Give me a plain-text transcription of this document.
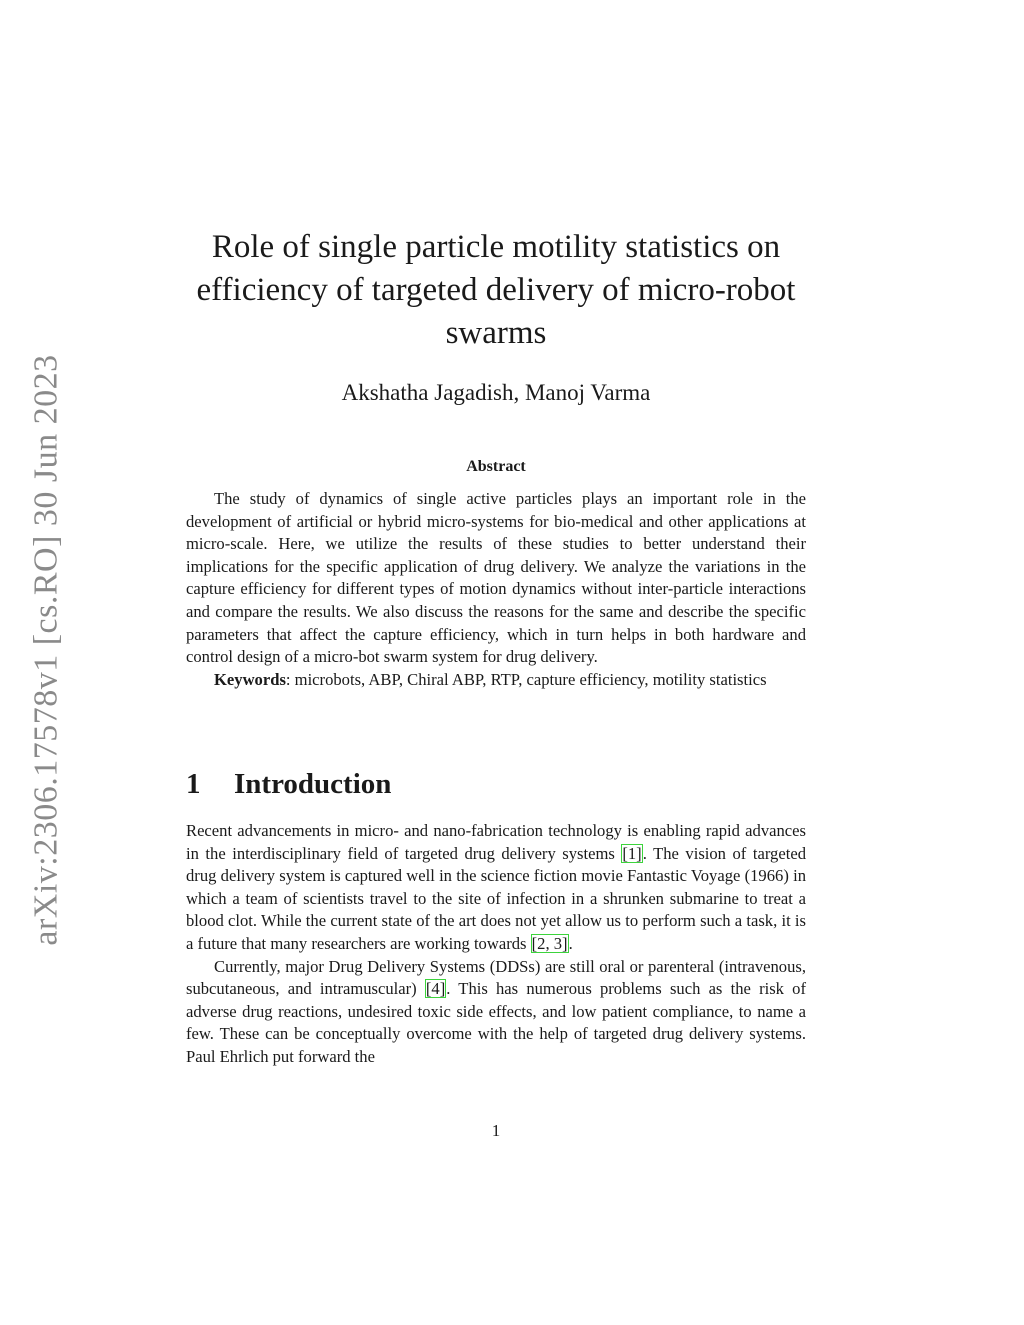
arXiv:2306.17578v1 [cs.RO] 30 Jun 2023
Role of single particle motility statistics on efficiency of targeted delivery of micro-robot swarms
Akshatha Jagadish, Manoj Varma
Abstract

The study of dynamics of single active particles plays an important role in the development of artificial or hybrid micro-systems for bio-medical and other applications at micro-scale. Here, we utilize the results of these studies to better understand their implications for the specific application of drug delivery. We analyze the variations in the capture efficiency for different types of motion dynamics without inter-particle interactions and compare the results. We also discuss the reasons for the same and describe the specific parameters that affect the capture efficiency, which in turn helps in both hardware and control design of a micro-bot swarm system for drug delivery.

Keywords: microbots, ABP, Chiral ABP, RTP, capture efficiency, motility statistics

1 Introduction

Recent advancements in micro- and nano-fabrication technology is enabling rapid advances in the interdisciplinary field of targeted drug delivery systems [1]. The vision of targeted drug delivery system is captured well in the science fiction movie Fantastic Voyage (1966) in which a team of scientists travel to the site of infection in a shrunken submarine to treat a blood clot. While the current state of the art does not yet allow us to perform such a task, it is a future that many researchers are working towards [2, 3].

Currently, major Drug Delivery Systems (DDSs) are still oral or parenteral (intravenous, subcutaneous, and intramuscular) [4]. This has numerous problems such as the risk of adverse drug reactions, undesired toxic side effects, and low patient compliance, to name a few. These can be conceptually overcome with the help of targeted drug delivery systems. Paul Ehrlich put forward the

1
